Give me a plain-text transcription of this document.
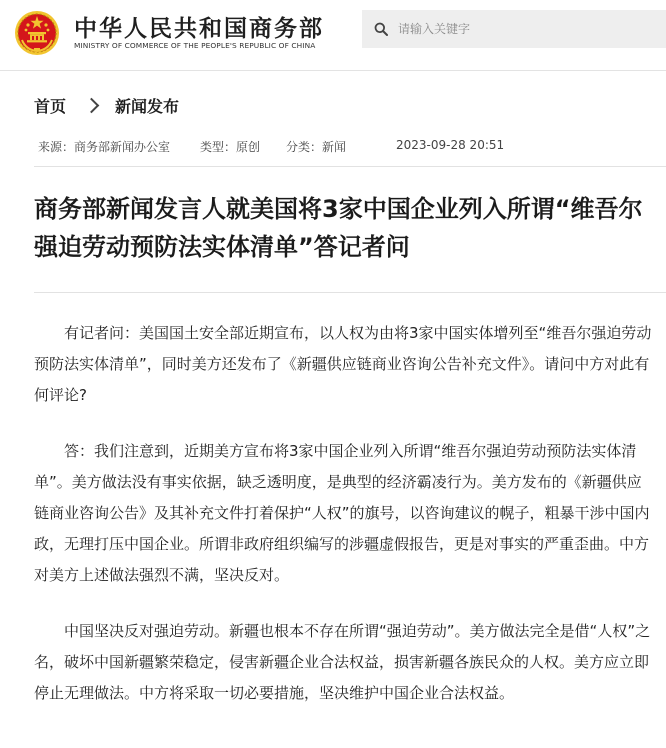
中华人民共和国商务部
MINISTRY OF COMMERCE OF THE PEOPLE'S REPUBLIC OF CHINA
请输入关键字
首页	新闻发布
来源：商务部新闻办公室 类型：原创 分类：新闻	2023-09-28 20:51
商务部新闻发言人就美国将3家中国企业列入所谓“维吾尔强迫劳动预防法实体清单”答记者问

有记者问：美国国土安全部近期宣布，以人权为由将3家中国实体增列至“维吾尔强迫劳动预防法实体清单”，同时美方还发布了《新疆供应链商业咨询公告补充文件》。请问中方对此有何评论?

答：我们注意到，近期美方宣布将3家中国企业列入所谓“维吾尔强迫劳动预防法实体清单”。美方做法没有事实依据，缺乏透明度，是典型的经济霸凌行为。美方发布的《新疆供应链商业咨询公告》及其补充文件打着保护“人权”的旗号，以咨询建议的幌子，粗暴干涉中国内政，无理打压中国企业。所谓非政府组织编写的涉疆虚假报告，更是对事实的严重歪曲。中方对美方上述做法强烈不满，坚决反对。

中国坚决反对强迫劳动。新疆也根本不存在所谓“强迫劳动”。美方做法完全是借“人权”之名，破坏中国新疆繁荣稳定，侵害新疆企业合法权益，损害新疆各族民众的人权。美方应立即停止无理做法。中方将采取一切必要措施，坚决维护中国企业合法权益。
